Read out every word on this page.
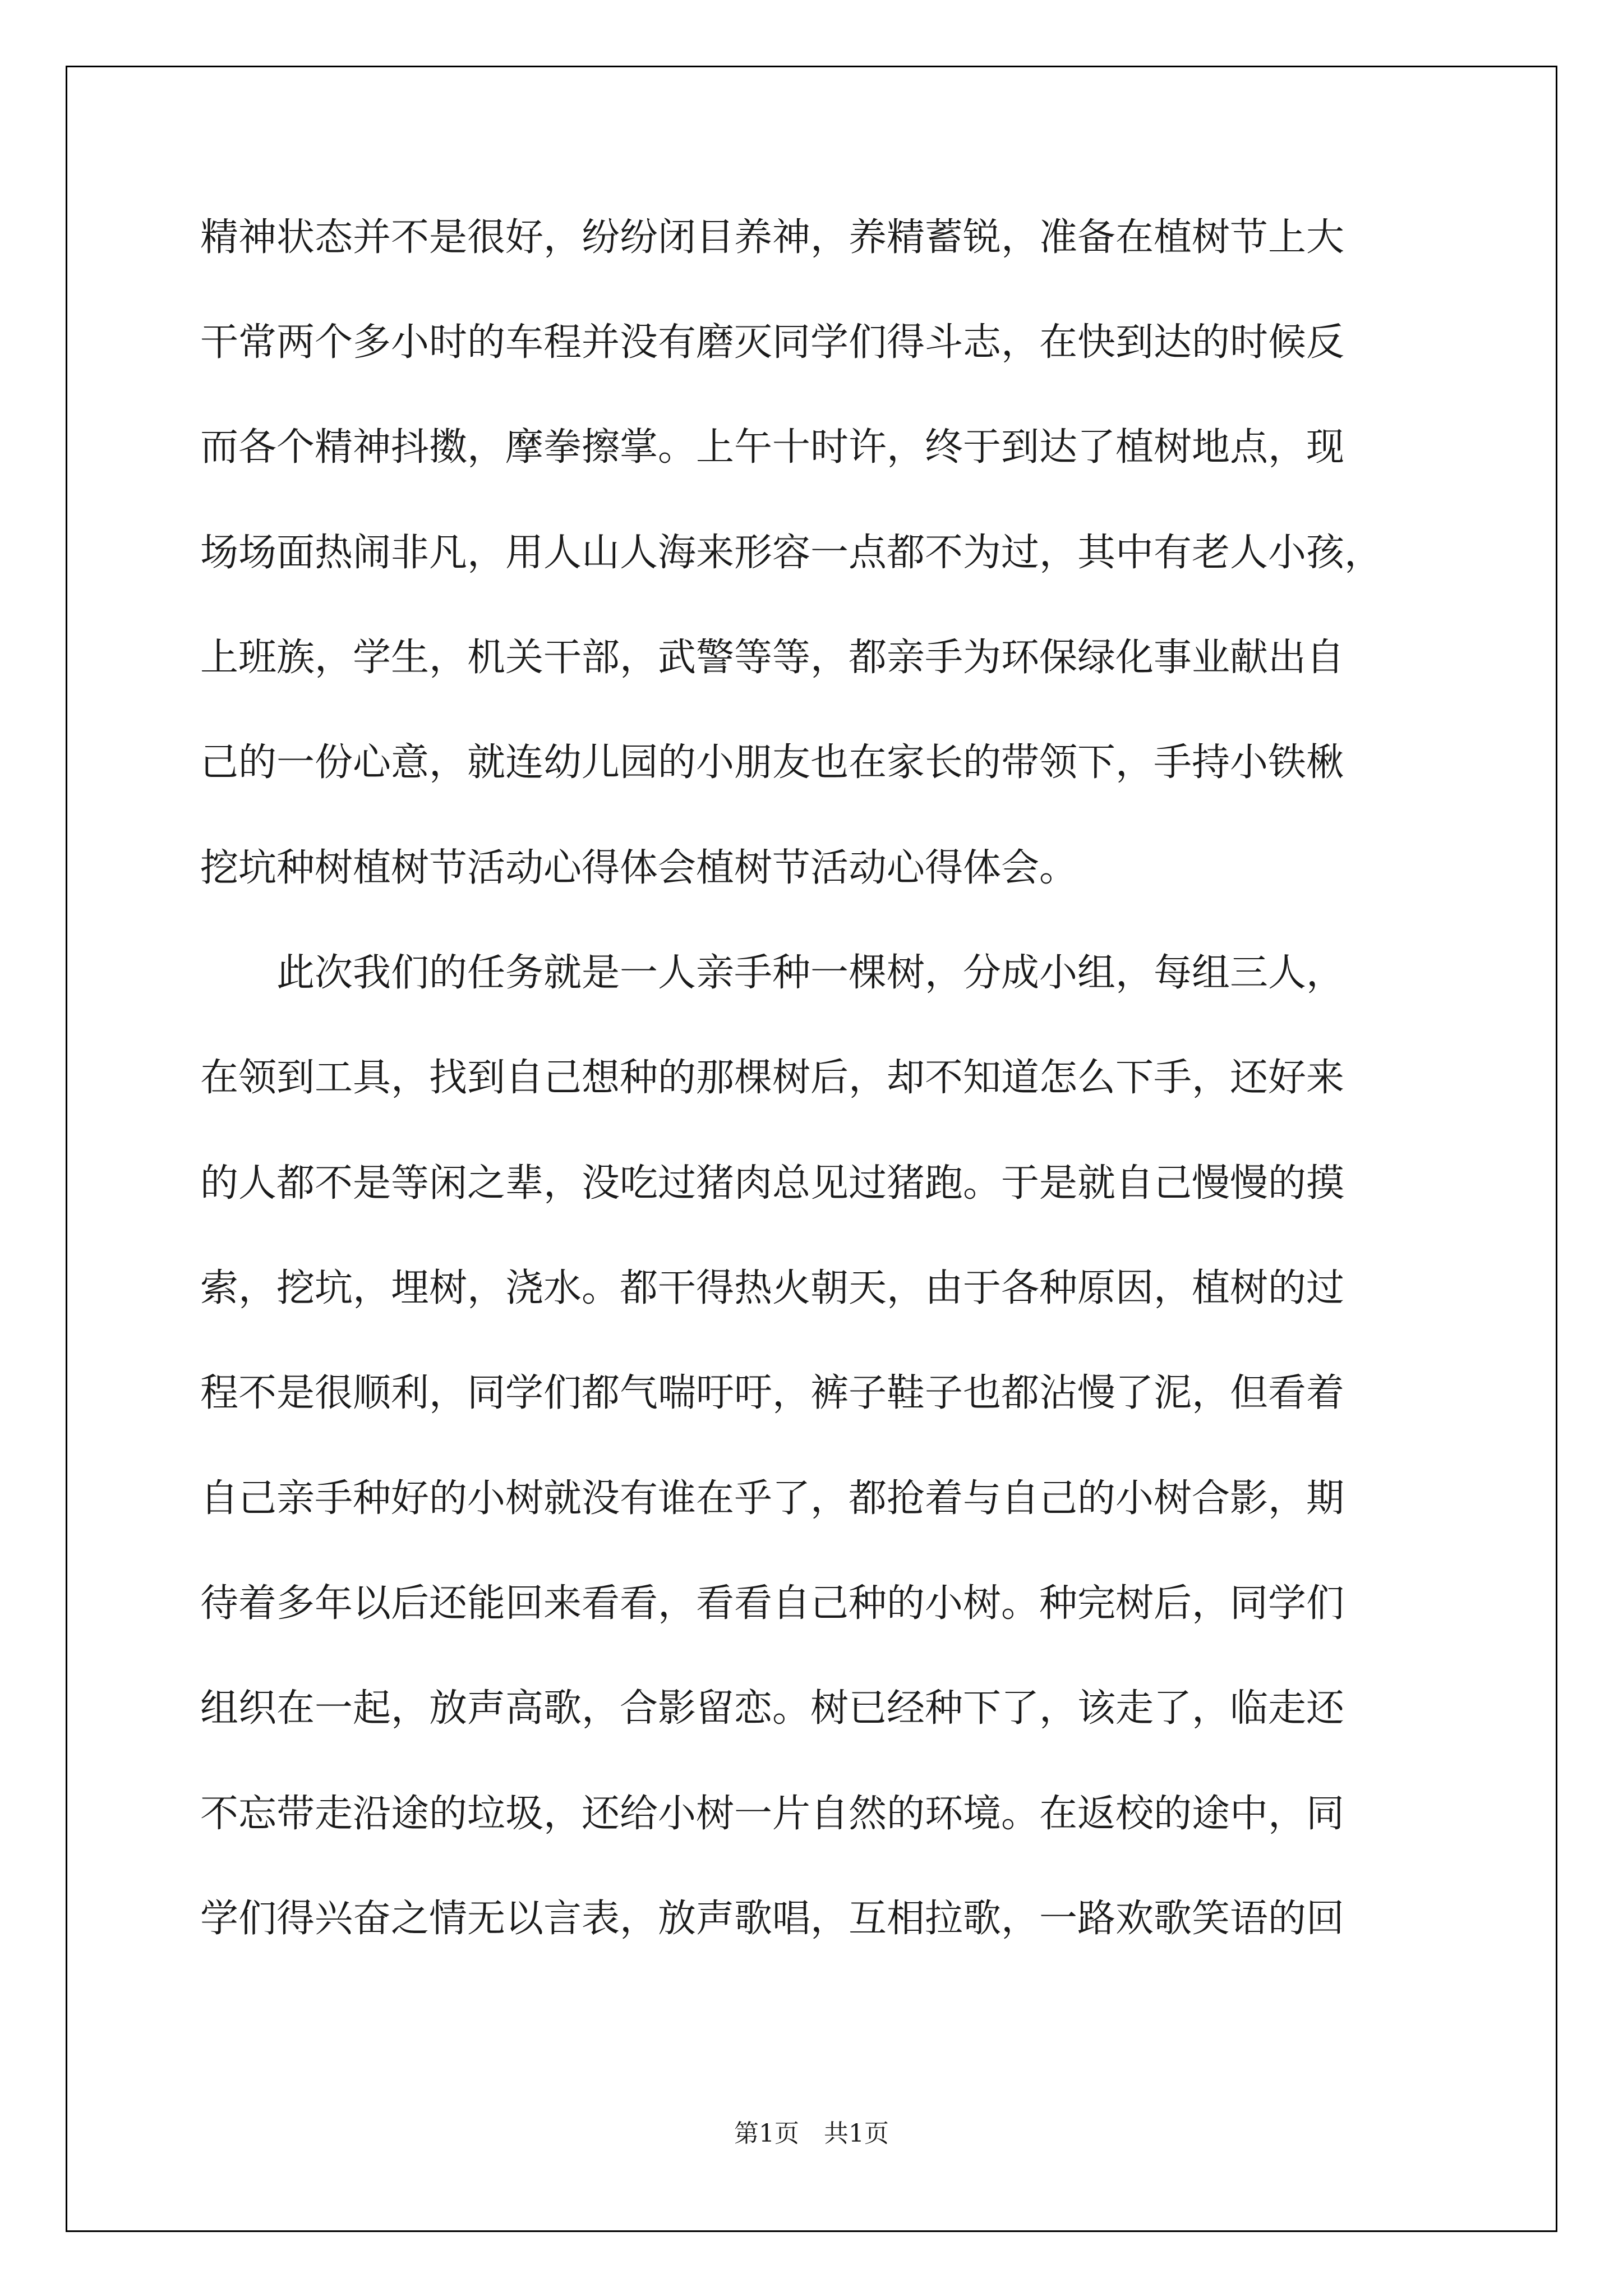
精神状态并不是很好，纷纷闭目养神，养精蓄锐，准备在植树节上大
干常两个多小时的车程并没有磨灭同学们得斗志，在快到达的时候反
而各个精神抖擞，摩拳擦掌。上午十时许，终于到达了植树地点，现
场场面热闹非凡，用人山人海来形容一点都不为过，其中有老人小孩，
上班族，学生，机关干部，武警等等，都亲手为环保绿化事业献出自
己的一份心意，就连幼儿园的小朋友也在家长的带领下，手持小铁楸
挖坑种树植树节活动心得体会植树节活动心得体会。
此次我们的任务就是一人亲手种一棵树，分成小组，每组三人，
在领到工具，找到自己想种的那棵树后，却不知道怎么下手，还好来
的人都不是等闲之辈，没吃过猪肉总见过猪跑。于是就自己慢慢的摸
索，挖坑，埋树，浇水。都干得热火朝天，由于各种原因，植树的过
程不是很顺利，同学们都气喘吁吁，裤子鞋子也都沾慢了泥，但看着
自己亲手种好的小树就没有谁在乎了，都抢着与自己的小树合影，期
待着多年以后还能回来看看，看看自己种的小树。种完树后，同学们
组织在一起，放声高歌，合影留恋。树已经种下了，该走了，临走还
不忘带走沿途的垃圾，还给小树一片自然的环境。在返校的途中，同
学们得兴奋之情无以言表，放声歌唱，互相拉歌，一路欢歌笑语的回
第1页　共1页
